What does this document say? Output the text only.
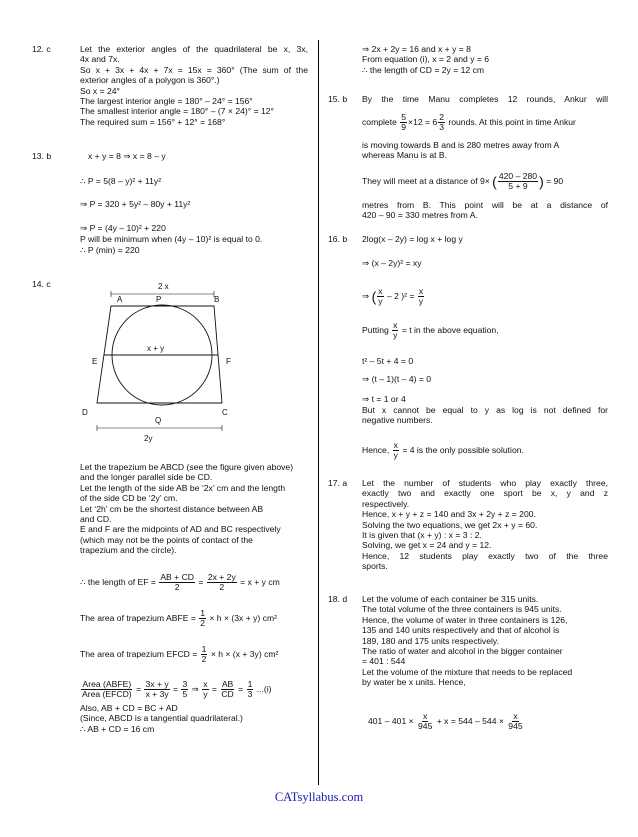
12. c	Let the exterior angles of the quadrilateral be x, 3x,
4x and 7x.
So x + 3x + 4x + 7x = 15x = 360° (The sum of the
exterior angles of a polygon is 360°.)
So x = 24°
The largest interior angle = 180° – 24° = 156°
The smallest interior angle = 180° – (7 × 24)° = 12°
The required sum = 156° + 12° = 168°
13. b	x + y = 8 ⇒ x = 8 – y
∴ P = 5(8 – y)² + 11y²
⇒ P = 320 + 5y² – 80y + 11y²
⇒ P = (4y – 10)² + 220
P will be minimum when (4y – 10)² is equal to 0.
∴ P (min) = 220
14. c	2 x
A	P	B
E	F
x + y
D	C
Q
2y
Let the trapezium be ABCD (see the figure given above)
and the longer parallel side be CD.
Let the length of the side AB be ‘2x’ cm and the length
of the side CD be ‘2y’ cm.
Let ‘2h’ cm be the shortest distance between AB
and CD.
E and F are the midpoints of AD and BC respectively
(which may not be the points of contact of the
trapezium and the circle).
∴ the length of EF = $\frac{AB + CD}{2} = \frac{2x + 2y}{2} = x + y$ cm
The area of trapezium ABFE = $\frac{1}{2} \times h \times (3x + y)$ cm²
The area of trapezium EFCD = $\frac{1}{2} \times h \times (x + 3y)$ cm²
$\frac{\text{Area (ABFE)}}{\text{Area (EFCD)}} = \frac{3x + y}{x + 3y} = \frac{3}{5}$ ⇒ $\frac{x}{y} = \frac{AB}{CD} = \frac{1}{3} ...(i)$
Also, AB + CD = BC + AD
(Since, ABCD is a tangential quadrilateral.)
∴ AB + CD = 16 cm
⇒ 2x + 2y = 16 and x + y = 8
From equation (i), x = 2 and y = 6
∴ the length of CD = 2y = 12 cm
15. b By the time Manu completes 12 rounds, Ankur will
complete $\frac{5}{9} \times 12 = 6 \frac{2}{3}$ rounds. At this point in time Ankur
is moving towards B and is 280 metres away from A
whereas Manu is at B.
They will meet at a distance of 9× ( $\frac{420 - 280}{5 + 9}$ ) = 90
metres from B. This point will be at a distance of
420 – 90 = 330 metres from A.
16. b 2log(x – 2y) = log x + log y
⇒ (x – 2y)² = xy
⇒ ( $\frac{x}{y} - 2$ )$^2 = \frac{x}{y}$
Putting $\frac{x}{y} = t$ in the above equation,
t² – 5t + 4 = 0
⇒ (t – 1)(t – 4) = 0
⇒ t = 1 or 4
But x cannot be equal to y as log is not defined for
negative numbers.
Hence, $\frac{x}{y} = 4$ is the only possible solution.
17. a Let the number of students who play exactly three,
exactly two and exactly one sport be x, y and z
respectively.
Hence, x + y + z = 140 and 3x + 2y + z = 200.
Solving the two equations, we get 2x + y = 60.
It is given that (x + y) : x = 3 : 2.
Solving, we get x = 24 and y = 12.
Hence, 12 students play exactly two of the three
sports.
18. d Let the volume of each container be 315 units.
The total volume of the three containers is 945 units.
Hence, the volume of water in three containers is 126,
135 and 140 units respectively and that of alcohol is
189, 180 and 175 units respectively.
The ratio of water and alcohol in the bigger container
= 401 : 544
Let the volume of the mixture that needs to be replaced
by water be x units. Hence,
$401 - 401 \times \frac{x}{945} + x = 544 - 544 \times \frac{x}{945}$
CATsyllabus.com
